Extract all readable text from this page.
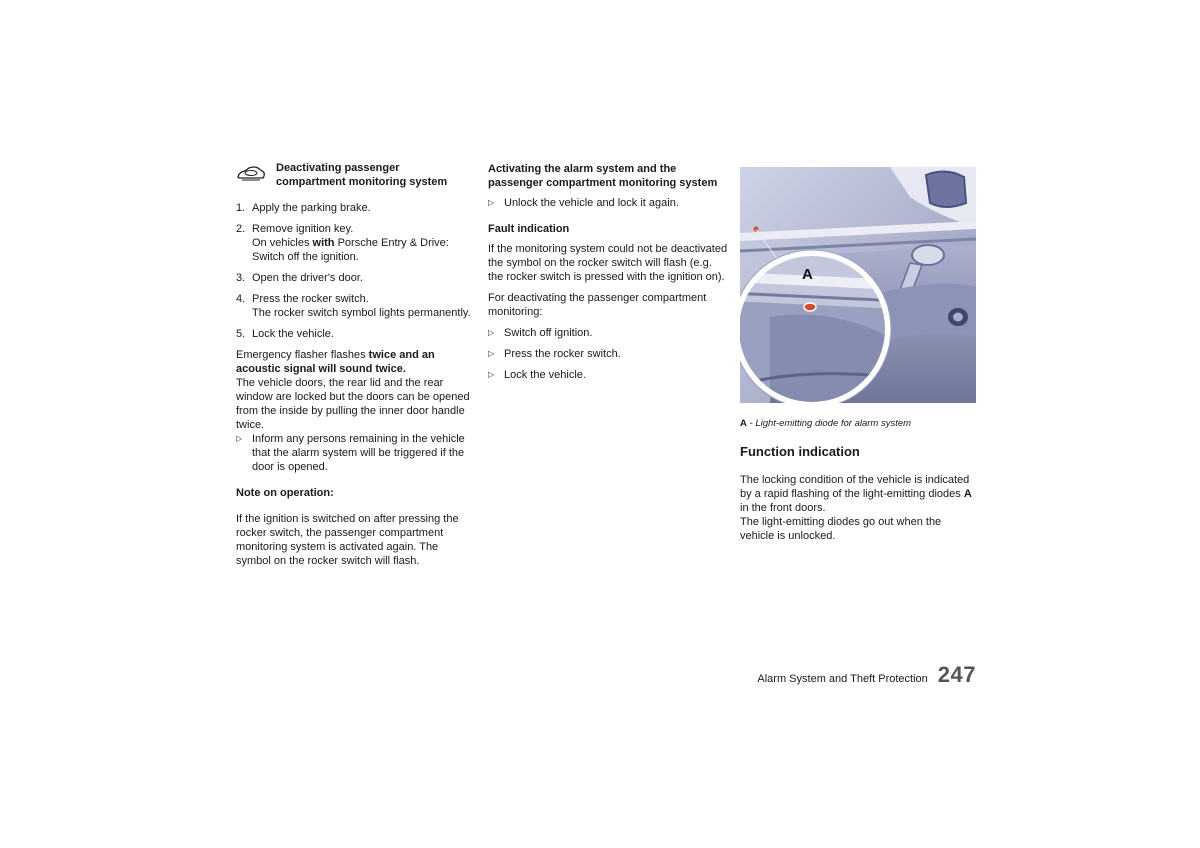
Deactivating passenger compartment monitoring system
1. Apply the parking brake.
2. Remove ignition key.
On vehicles with Porsche Entry & Drive: Switch off the ignition.
3. Open the driver's door.
4. Press the rocker switch.
The rocker switch symbol lights permanently.
5. Lock the vehicle.

Emergency flasher flashes twice and an acoustic signal will sound twice.

The vehicle doors, the rear lid and the rear window are locked but the doors can be opened from the inside by pulling the inner door handle twice.

▷ Inform any persons remaining in the vehicle that the alarm system will be triggered if the door is opened.

Note on operation:

If the ignition is switched on after pressing the rocker switch, the passenger compartment monitoring system is activated again. The symbol on the rocker switch will flash.

Activating the alarm system and the passenger compartment monitoring system

▷ Unlock the vehicle and lock it again.

Fault indication

If the monitoring system could not be deactivated the symbol on the rocker switch will flash (e.g. the rocker switch is pressed with the ignition on).

For deactivating the passenger compartment monitoring:

▷ Switch off ignition.
▷ Press the rocker switch.
▷ Lock the vehicle.
A

A - Light-emitting diode for alarm system

Function indication

The locking condition of the vehicle is indicated by a rapid flashing of the light-emitting diodes A in the front doors.

The light-emitting diodes go out when the vehicle is unlocked.

Alarm System and Theft Protection 247
